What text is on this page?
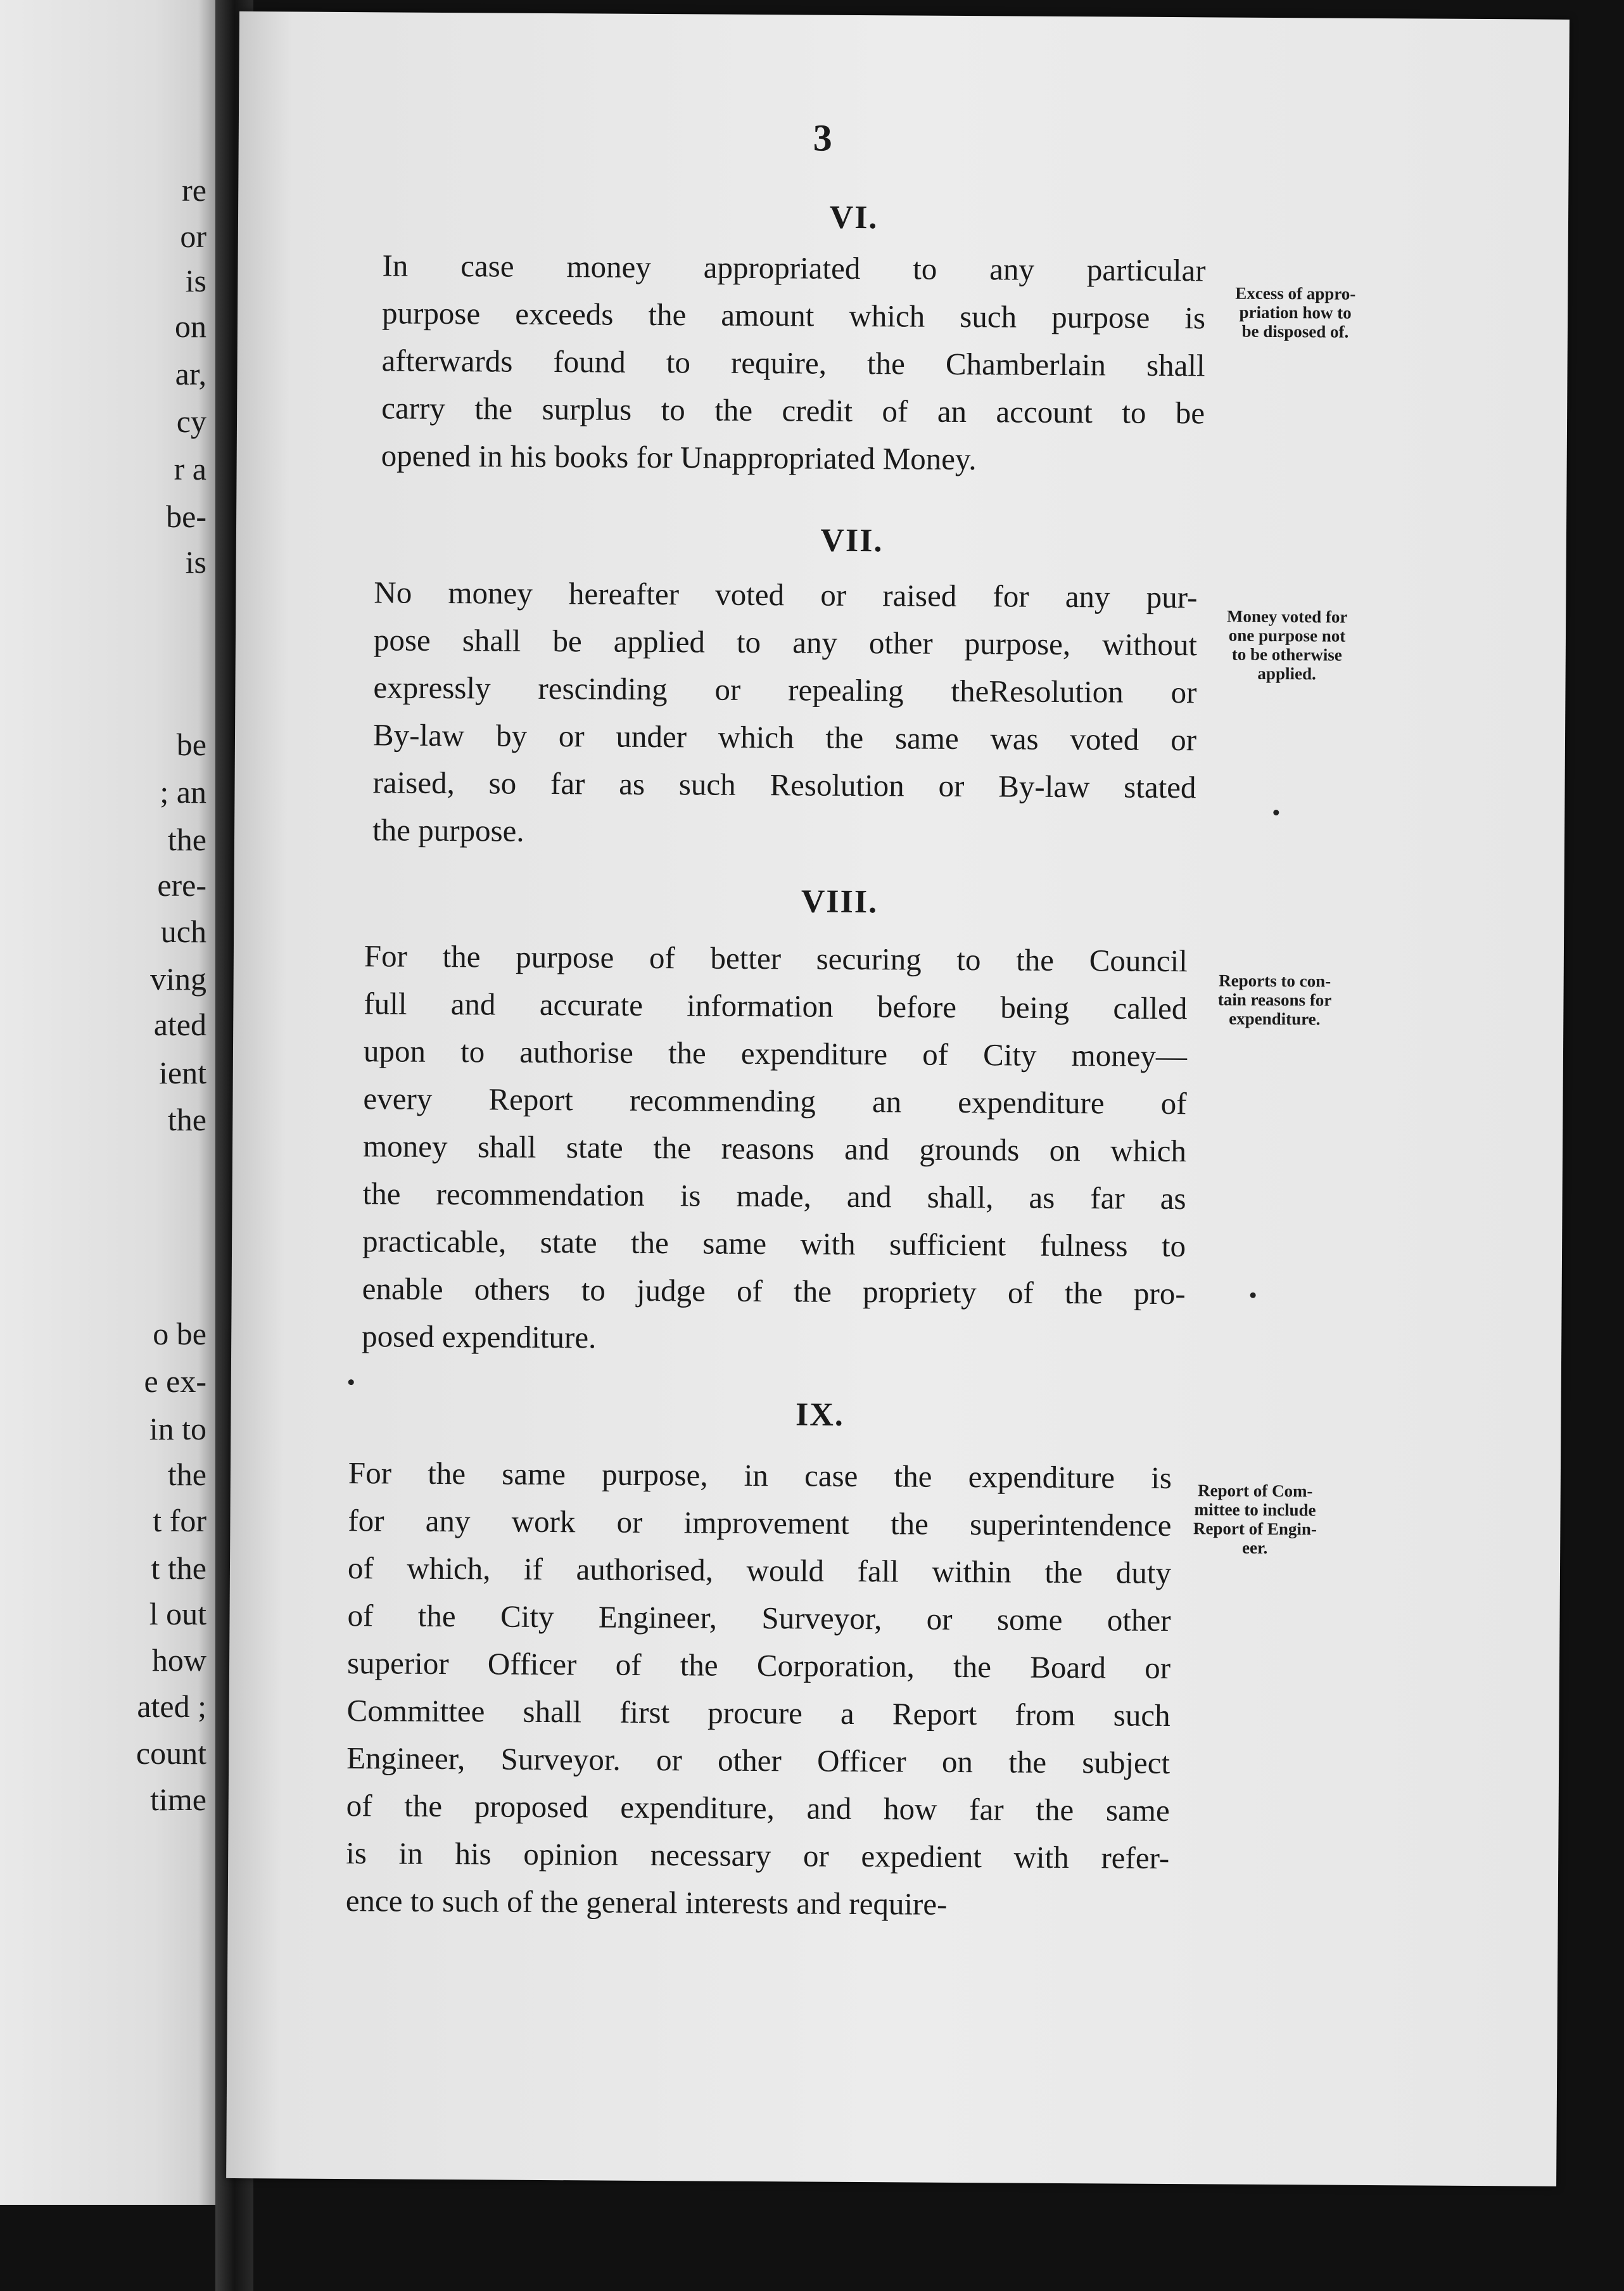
re
or
is
on
ar,
cy
r a
be-
is
be
; an
the
ere-
uch
ving
ated
ient
the
o be
e ex-
in to
the
t for
t the
l out
how
ated ;
count
time
3
VI.
In case money appropriated to any particular
purpose exceeds the amount which such purpose is
afterwards found to require, the Chamberlain shall
carry the surplus to the credit of an account to be
opened in his books for Unappropriated Money.
Excess of appro-
priation how to
be disposed of.
VII.
No money hereafter voted or raised for any pur-
pose shall be applied to any other purpose, without
expressly rescinding or repealing theResolution or
By-law by or under which the same was voted or
raised, so far as such Resolution or By-law stated
the purpose.
Money voted for
one purpose not
to be otherwise
applied.
VIII.
For the purpose of better securing to the Council
full and accurate information before being called
upon to authorise the expenditure of City money—
every Report recommending an expenditure of
money shall state the reasons and grounds on which
the recommendation is made, and shall, as far as
practicable, state the same with sufficient fulness to
enable others to judge of the propriety of the pro-
posed expenditure.
Reports to con-
tain reasons for
expenditure.
IX.
For the same purpose, in case the expenditure is
for any work or improvement the superintendence
of which, if authorised, would fall within the duty
of the City Engineer, Surveyor, or some other
superior Officer of the Corporation, the Board or
Committee shall first procure a Report from such
Engineer, Surveyor. or other Officer on the subject
of the proposed expenditure, and how far the same
is in his opinion necessary or expedient with refer-
ence to such of the general interests and require-
Report of Com-
mittee to include
Report of Engin-
eer.
